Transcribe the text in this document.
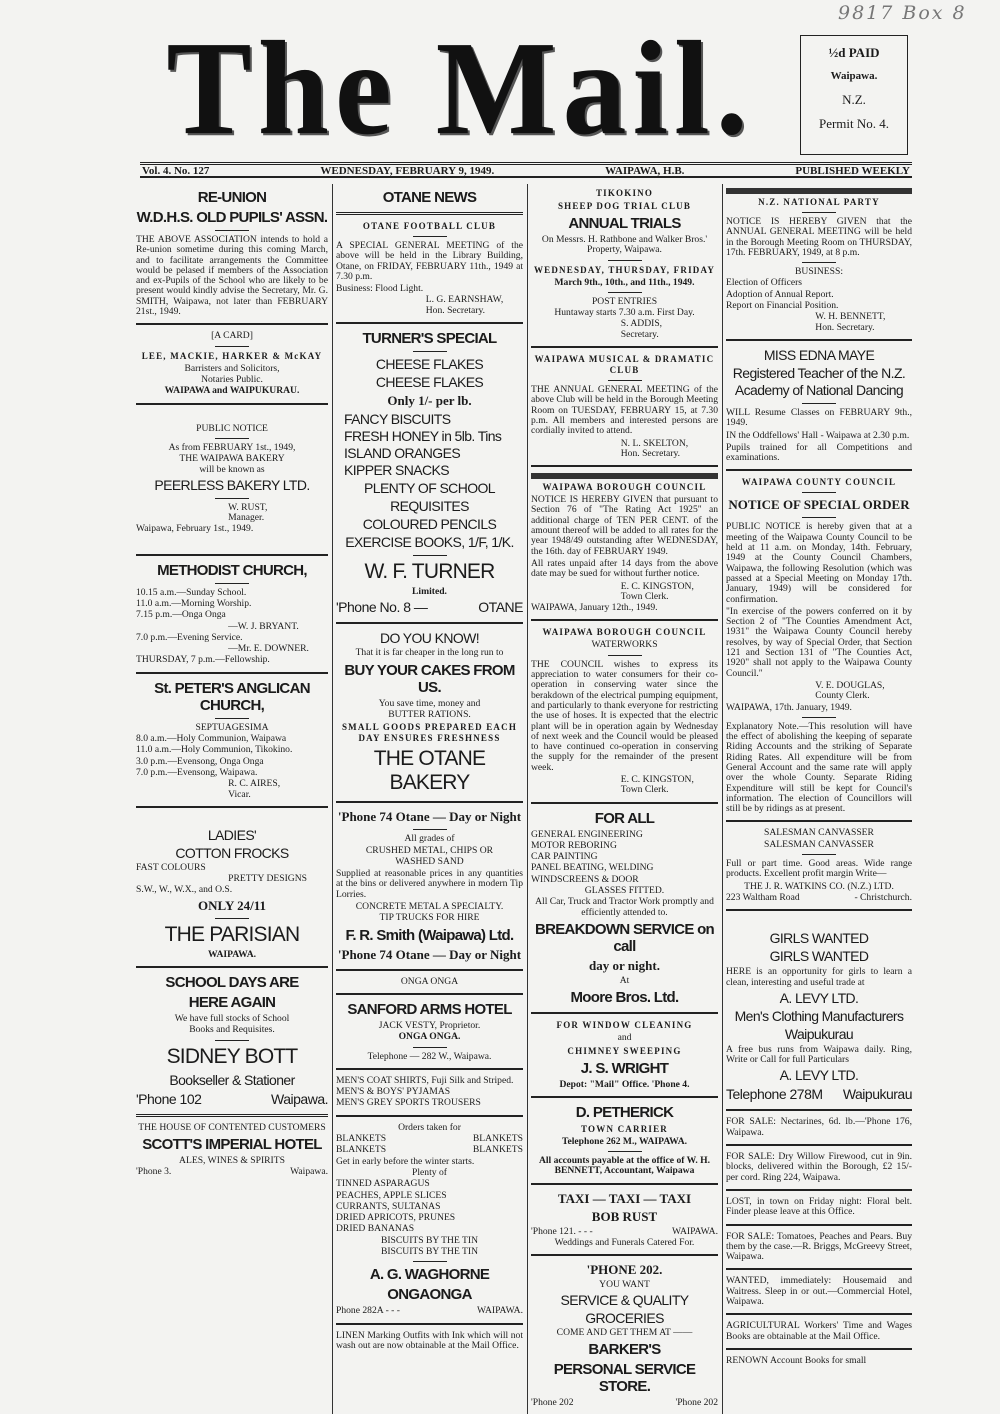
9817 Box 8
The Mail.	½d PAID
Waipawa.
N.Z.
Permit No. 4.
Vol. 4. No. 127	WEDNESDAY, FEBRUARY 9, 1949.	WAIPAWA, H.B.	PUBLISHED WEEKLY
RE-UNION
W.D.H.S. OLD PUPILS' ASSN.
THE ABOVE ASSOCIATION intends to hold a Re-union sometime during this coming March, and to facilitate arrangements the Committee would be pelased if members of the Association and ex-Pupils of the School who are likely to be present would kindly advise the Secretary, Mr. G. SMITH, Waipawa, not later than FEBRUARY 21st., 1949.
[A CARD]
LEE, MACKIE, HARKER & McKAY
Barristers and Solicitors,
Notaries Public.
WAIPAWA and WAIPUKURAU.
PUBLIC NOTICE
As from FEBRUARY 1st., 1949,
THE WAIPAWA BAKERY
will be known as
PEERLESS BAKERY LTD.
W. RUST,
Manager.
Waipawa, February 1st., 1949.
METHODIST CHURCH,
10.15 a.m.—Sunday School.
11.0 a.m.—Morning Worship.
7.15 p.m.—Onga Onga
—W. J. BRYANT.
7.0 p.m.—Evening Service.
—Mr. E. DOWNER.
THURSDAY, 7 p.m.—Fellowship.
St. PETER'S ANGLICAN CHURCH,
SEPTUAGESIMA
8.0 a.m.—Holy Communion, Waipawa
11.0 a.m.—Holy Communion, Tikokino.
3.0 p.m.—Evensong, Onga Onga
7.0 p.m.—Evensong, Waipawa.
R. C. AIRES,
Vicar.
LADIES'
COTTON FROCKS
FAST COLOURS
PRETTY DESIGNS
S.W., W., W.X., and O.S.
ONLY 24/11
THE PARISIAN
WAIPAWA.
SCHOOL DAYS ARE
HERE AGAIN
We have full stocks of School
Books and Requisites.
SIDNEY BOTT
Bookseller & Stationer
'Phone 102	Waipawa.
THE HOUSE OF CONTENTED CUSTOMERS
SCOTT'S IMPERIAL HOTEL
ALES, WINES & SPIRITS
'Phone 3.	Waipawa.
OTANE NEWS
OTANE FOOTBALL CLUB
A SPECIAL GENERAL MEETING of the above will be held in the Library Building, Otane, on FRIDAY, FEBRUARY 11th., 1949 at 7.30 p.m.
Business: Flood Light.
L. G. EARNSHAW,
Hon. Secretary.
TURNER'S SPECIAL
CHEESE FLAKES
CHEESE FLAKES
Only 1/- per lb.
FANCY BISCUITS
FRESH HONEY in 5lb. Tins
ISLAND ORANGES
KIPPER SNACKS
PLENTY OF SCHOOL
REQUISITES
COLOURED PENCILS
EXERCISE BOOKS, 1/F, 1/K.
W. F. TURNER
Limited.
'Phone No. 8 —	OTANE
DO YOU KNOW!
That it is far cheaper in the long run to
BUY YOUR CAKES FROM US.
You save time, money and
BUTTER RATIONS.
SMALL GOODS PREPARED EACH DAY ENSURES FRESHNESS
THE OTANE BAKERY
'Phone 74 Otane — Day or Night
All grades of
CRUSHED METAL, CHIPS OR
WASHED SAND
Supplied at reasonable prices in any quantities at the bins or delivered anywhere in modern Tip Lorries.
CONCRETE METAL A SPECIALTY.
TIP TRUCKS FOR HIRE
F. R. Smith (Waipawa) Ltd.
'Phone 74 Otane — Day or Night
ONGA ONGA
SANFORD ARMS HOTEL
JACK VESTY, Proprietor.
ONGA ONGA.
Telephone — 282 W., Waipawa.
MEN'S COAT SHIRTS, Fuji Silk and Striped.
MEN'S & BOYS' PYJAMAS
MEN'S GREY SPORTS TROUSERS
Orders taken for
BLANKETS	BLANKETS
BLANKETS	BLANKETS
Get in early before the winter starts.
Plenty of
TINNED ASPARAGUS
PEACHES, APPLE SLICES
CURRANTS, SULTANAS
DRIED APRICOTS, PRUNES
DRIED BANANAS
BISCUITS BY THE TIN
BISCUITS BY THE TIN
A. G. WAGHORNE
ONGAONGA
Phone 282A - - -	WAIPAWA.
LINEN Marking Outfits with Ink which will not wash out are now obtainable at the Mail Office.
TIKOKINO
SHEEP DOG TRIAL CLUB
ANNUAL TRIALS
On Messrs. H. Rathbone and Walker Bros.' Property, Waipawa.
WEDNESDAY, THURSDAY, FRIDAY
March 9th., 10th., and 11th., 1949.
POST ENTRIES
Huntaway starts 7.30 a.m. First Day.
S. ADDIS,
Secretary.
WAIPAWA MUSICAL & DRAMATIC CLUB
THE ANNUAL GENERAL MEETING of the above Club will be held in the Borough Meeting Room on TUESDAY, FEBRUARY 15, at 7.30 p.m. All members and interested persons are cordially invited to attend.
N. L. SKELTON,
Hon. Secretary.
WAIPAWA BOROUGH COUNCIL
NOTICE IS HEREBY GIVEN that pursuant to Section 76 of "The Rating Act 1925" an additional charge of TEN PER CENT. of the amount thereof will be added to all rates for the year 1948/49 outstanding after WEDNESDAY, the 16th. day of FEBRUARY 1949.
All rates unpaid after 14 days from the above date may be sued for without further notice.
E. C. KINGSTON,
Town Clerk.
WAIPAWA, January 12th., 1949.
WAIPAWA BOROUGH COUNCIL
WATERWORKS
THE COUNCIL wishes to express its appreciation to water consumers for their co-operation in conserving water since the berakdown of the electrical pumping equipment, and particularly to thank everyone for restricting the use of hoses. It is expected that the electric plant will be in operation again by Wednesday of next week and the Council would be pleased to have continued co-operation in conserving the supply for the remainder of the present week.
E. C. KINGSTON,
Town Clerk.
FOR ALL
GENERAL ENGINEERING
MOTOR REBORING
CAR PAINTING
PANEL BEATING, WELDING
WINDSCREENS & DOOR
GLASSES FITTED.
All Car, Truck and Tractor Work promptly and efficiently attended to.
BREAKDOWN SERVICE on call
day or night.
At
Moore Bros. Ltd.
FOR WINDOW CLEANING
and
CHIMNEY SWEEPING
J. S. WRIGHT
Depot: "Mail" Office. 'Phone 4.
D. PETHERICK
TOWN CARRIER
Telephone 262 M., WAIPAWA.
All accounts payable at the office of W. H. BENNETT, Accountant, Waipawa
TAXI — TAXI — TAXI
BOB RUST
'Phone 121. - - -	WAIPAWA.
Weddings and Funerals Catered For.
'PHONE 202.
YOU WANT
SERVICE & QUALITY
GROCERIES
COME AND GET THEM AT ——
BARKER'S
PERSONAL SERVICE STORE.
'Phone 202	'Phone 202
N.Z. NATIONAL PARTY
NOTICE IS HEREBY GIVEN that the ANNUAL GENERAL MEETING will be held in the Borough Meeting Room on THURSDAY, 17th. FEBRUARY, 1949, at 8 p.m.
BUSINESS:
Election of Officers
Adoption of Annual Report.
Report on Financial Position.
W. H. BENNETT,
Hon. Secretary.
MISS EDNA MAYE
Registered Teacher of the N.Z. Academy of National Dancing
WILL Resume Classes on FEBRUARY 9th., 1949.
IN the Oddfellows' Hall - Waipawa at 2.30 p.m.
Pupils trained for all Competitions and examinations.
WAIPAWA COUNTY COUNCIL
NOTICE OF SPECIAL ORDER
PUBLIC NOTICE is hereby given that at a meeting of the Waipawa County Council to be held at 11 a.m. on Monday, 14th. February, 1949 at the County Council Chambers, Waipawa, the following Resolution (which was passed at a Special Meeting on Monday 17th. January, 1949) will be considered for confirmation.
"In exercise of the powers conferred on it by Section 2 of "The Counties Amendment Act, 1931" the Waipawa County Council hereby resolves, by way of Special Order, that Section 121 and Section 131 of "The Counties Act, 1920" shall not apply to the Waipawa County Council."
V. E. DOUGLAS,
County Clerk.
WAIPAWA, 17th. January, 1949.
Explanatory Note.—This resolution will have the effect of abolishing the keeping of separate Riding Accounts and the striking of Separate Riding Rates. All expenditure will be from General Account and the same rate will apply over the whole County. Separate Riding Expenditure will still be kept for Council's information. The election of Councillors will still be by ridings as at present.
SALESMAN CANVASSER
SALESMAN CANVASSER
Full or part time. Good areas. Wide range products. Excellent profit margin Write—
THE J. R. WATKINS CO. (N.Z.) LTD.
223 Waltham Road	- Christchurch.
GIRLS WANTED
GIRLS WANTED
HERE is an opportunity for girls to learn a clean, interesting and useful trade at
A. LEVY LTD.
Men's Clothing Manufacturers
Waipukurau
A free bus runs from Waipawa daily. Ring, Write or Call for full Particulars
A. LEVY LTD.
Telephone 278M Waipukurau
FOR SALE: Nectarines, 6d. lb.—'Phone 176, Waipawa.
FOR SALE: Dry Willow Firewood, cut in 9in. blocks, delivered within the Borough, £2 15/- per cord. Ring 224, Waipawa.
LOST, in town on Friday night: Floral belt. Finder please leave at this Office.
FOR SALE: Tomatoes, Peaches and Pears. Buy them by the case.—R. Briggs, McGreevy Street, Waipawa.
WANTED, immediately: Housemaid and Waitress. Sleep in or out.—Commercial Hotel, Waipawa.
AGRICULTURAL Workers' Time and Wages Books are obtainable at the Mail Office.
RENOWN Account Books for small
